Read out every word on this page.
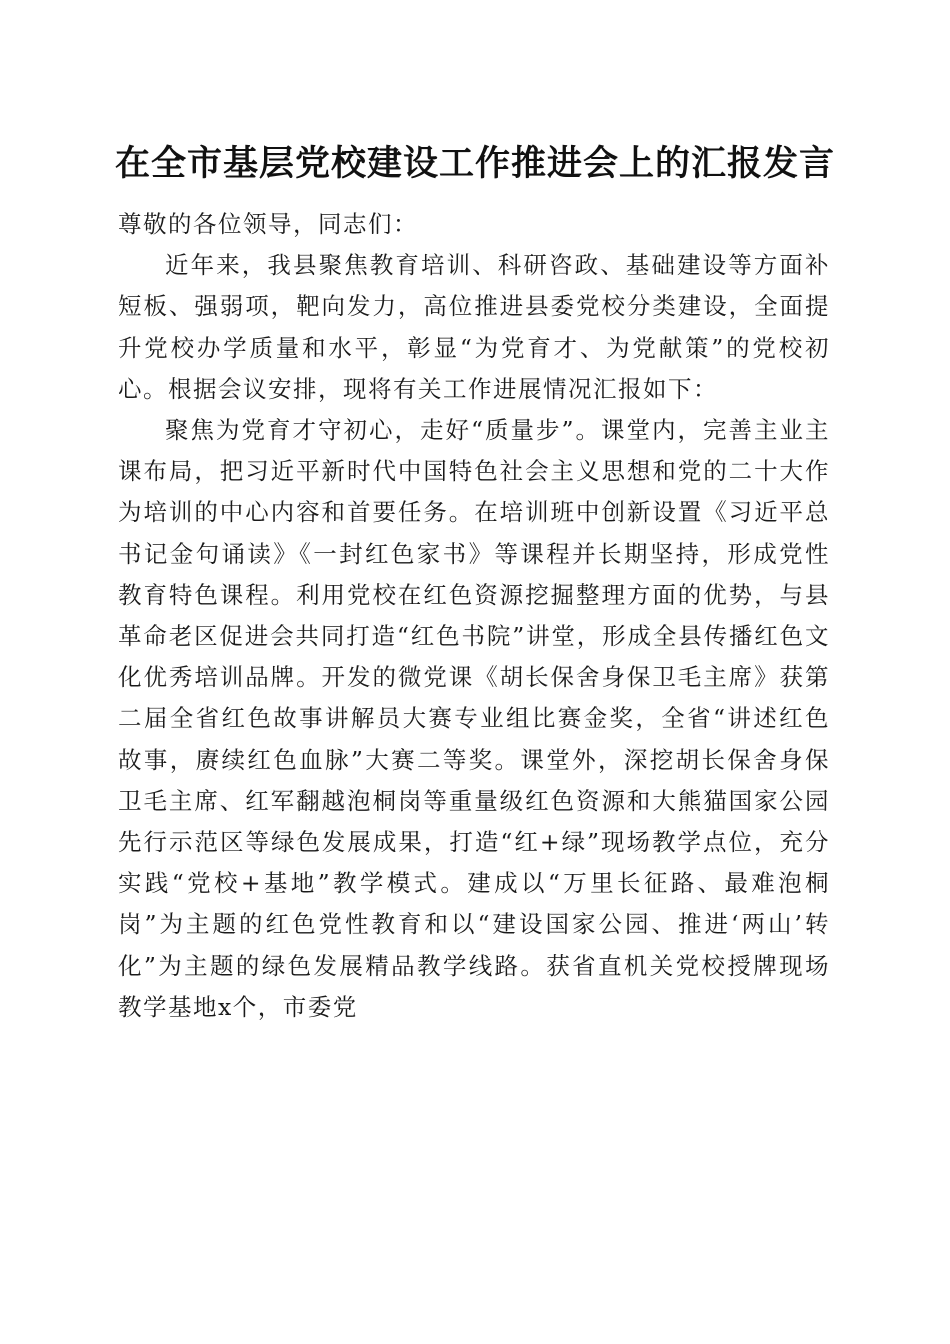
在全市基层党校建设工作推进会上的汇报发言

尊敬的各位领导，同志们：

近年来，我县聚焦教育培训、科研咨政、基础建设等方面补短板、强弱项，靶向发力，高位推进县委党校分类建设，全面提升党校办学质量和水平，彰显“为党育才、为党献策”的党校初心。根据会议安排，现将有关工作进展情况汇报如下：

聚焦为党育才守初心，走好“质量步”。课堂内，完善主业主课布局，把习近平新时代中国特色社会主义思想和党的二十大作为培训的中心内容和首要任务。在培训班中创新设置《习近平总书记金句诵读》《一封红色家书》等课程并长期坚持，形成党性教育特色课程。利用党校在红色资源挖掘整理方面的优势，与县革命老区促进会共同打造“红色书院”讲堂，形成全县传播红色文化优秀培训品牌。开发的微党课《胡长保舍身保卫毛主席》获第二届全省红色故事讲解员大赛专业组比赛金奖，全省“讲述红色故事，赓续红色血脉”大赛二等奖。课堂外，深挖胡长保舍身保卫毛主席、红军翻越泡桐岗等重量级红色资源和大熊猫国家公园先行示范区等绿色发展成果，打造“红+绿”现场教学点位，充分实践“党校+基地”教学模式。建成以“万里长征路、最难泡桐岗”为主题的红色党性教育和以“建设国家公园、推进‘两山’转化”为主题的绿色发展精品教学线路。获省直机关党校授牌现场教学基地x个，市委党
